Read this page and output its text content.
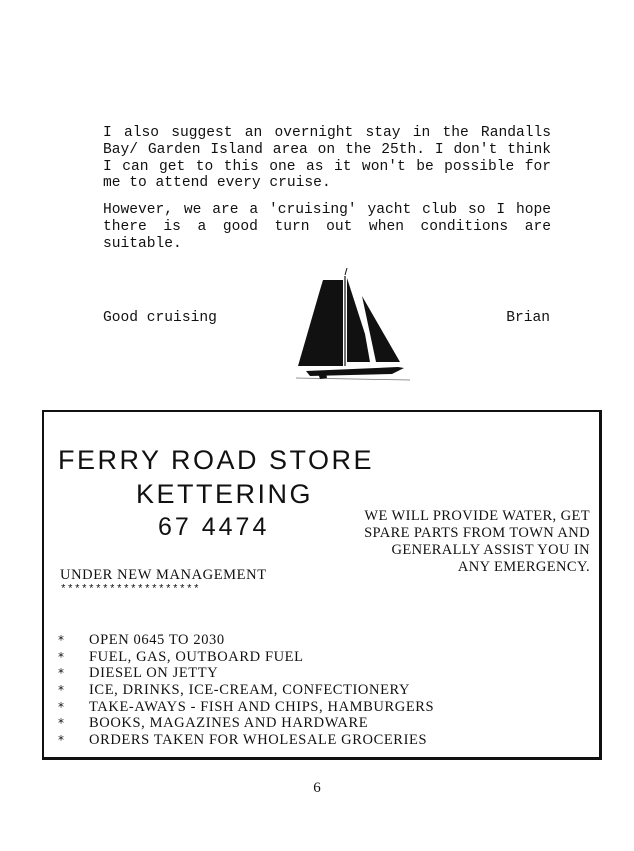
I also suggest an overnight stay in the Randalls Bay/ Garden Island area on the 25th. I don't think I can get to this one as it won't be possible for me to attend every cruise.

However, we are a 'cruising' yacht club so I hope there is a good turn out when conditions are suitable.

Good cruising	Brian
FERRY ROAD STORE
KETTERING
67 4474	WE WILL PROVIDE WATER, GET
SPARE PARTS FROM TOWN AND
GENERALLY ASSIST YOU IN
ANY EMERGENCY.
UNDER NEW MANAGEMENT
********************
*	OPEN 0645 TO 2030
*	FUEL, GAS, OUTBOARD FUEL
*	DIESEL ON JETTY
*	ICE, DRINKS, ICE-CREAM, CONFECTIONERY
*	TAKE-AWAYS - FISH AND CHIPS, HAMBURGERS
*	BOOKS, MAGAZINES AND HARDWARE
*	ORDERS TAKEN FOR WHOLESALE GROCERIES
6
